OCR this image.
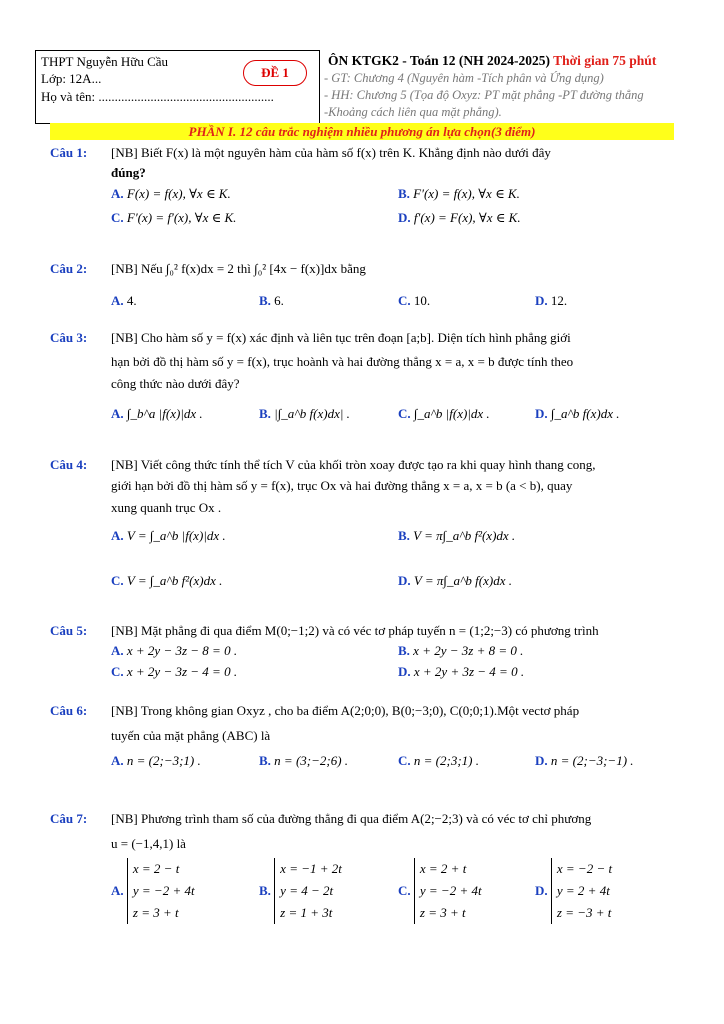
THPT Nguyễn Hữu Cầu
Lớp: 12A...
Họ và tên: ......................................................
ĐỀ 1
ÔN KTGK2 - Toán 12 (NH 2024-2025) Thời gian 75 phút
- GT: Chương 4 (Nguyên hàm -Tích phân và Ứng dụng)
- HH: Chương 5 (Tọa độ Oxyz: PT mặt phẳng -PT đường thẳng
-Khoảng cách liên qua mặt phẳng).
PHẦN I. 12 câu trắc nghiệm nhiều phương án lựa chọn(3 điểm)
Câu 1: [NB] Biết F(x) là một nguyên hàm của hàm số f(x) trên K. Khẳng định nào dưới đây
đúng?
A. F(x) = f(x), ∀x ∈ K.	B. F′(x) = f(x), ∀x ∈ K.
C. F′(x) = f′(x), ∀x ∈ K.	D. f′(x) = F(x), ∀x ∈ K.
Câu 2: [NB] Nếu ∫₀² f(x)dx = 2 thì ∫₀² [4x − f(x)]dx bằng
A. 4.	B. 6.	C. 10.	D. 12.
Câu 3: [NB] Cho hàm số y = f(x) xác định và liên tục trên đoạn [a;b]. Diện tích hình phẳng giới
hạn bởi đồ thị hàm số y = f(x), trục hoành và hai đường thẳng x = a, x = b được tính theo
công thức nào dưới đây?
A. ∫_b^a |f(x)|dx .	B. |∫_a^b f(x)dx| .	C. ∫_a^b |f(x)|dx .	D. ∫_a^b f(x)dx .
Câu 4: [NB] Viết công thức tính thể tích V của khối tròn xoay được tạo ra khi quay hình thang cong,
giới hạn bởi đồ thị hàm số y = f(x), trục Ox và hai đường thẳng x = a, x = b (a < b), quay
xung quanh trục Ox .
A. V = ∫_a^b |f(x)|dx .	B. V = π∫_a^b f²(x)dx .
C. V = ∫_a^b f²(x)dx .	D. V = π∫_a^b f(x)dx .
Câu 5: [NB] Mặt phẳng đi qua điểm M(0;−1;2) và có véc tơ pháp tuyến n = (1;2;−3) có phương trình
A. x + 2y − 3z − 8 = 0 .	B. x + 2y − 3z + 8 = 0 .
C. x + 2y − 3z − 4 = 0 .	D. x + 2y + 3z − 4 = 0 .
Câu 6: [NB] Trong không gian Oxyz , cho ba điểm A(2;0;0), B(0;−3;0), C(0;0;1).Một vectơ pháp
tuyến của mặt phẳng (ABC) là
A. n = (2;−3;1) .	B. n = (3;−2;6) .	C. n = (2;3;1) .	D. n = (2;−3;−1) .
Câu 7: [NB] Phương trình tham số của đường thẳng đi qua điểm A(2;−2;3) và có véc tơ chỉ phương
u = (−1,4,1) là
A.
x = 2 − t
y = −2 + 4t
z = 3 + t
B.
x = −1 + 2t
y = 4 − 2t
z = 1 + 3t
C.
x = 2 + t
y = −2 + 4t
z = 3 + t
D.
x = −2 − t
y = 2 + 4t
z = −3 + t
